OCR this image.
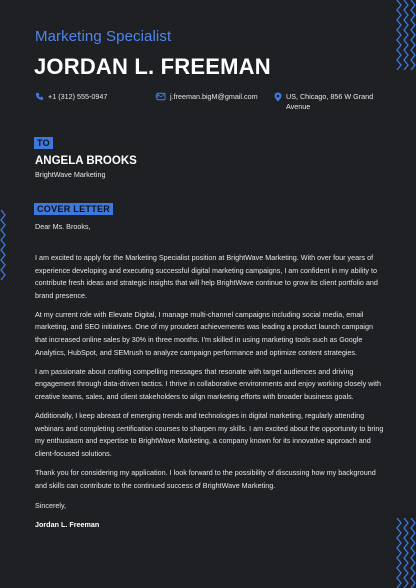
Marketing Specialist
JORDAN L. FREEMAN
+1 (312) 555-0947	j.freeman.bigM@gmail.com	US, Chicago, 856 W Grand Avenue
TO
ANGELA BROOKS
BrightWave Marketing
COVER LETTER
Dear Ms. Brooks,

I am excited to apply for the Marketing Specialist position at BrightWave Marketing. With over four years of experience developing and executing successful digital marketing campaigns, I am confident in my ability to contribute fresh ideas and strategic insights that will help BrightWave continue to grow its client portfolio and brand presence.

At my current role with Elevate Digital, I manage multi-channel campaigns including social media, email marketing, and SEO initiatives. One of my proudest achievements was leading a product launch campaign that increased online sales by 30% in three months. I'm skilled in using marketing tools such as Google Analytics, HubSpot, and SEMrush to analyze campaign performance and optimize content strategies.

I am passionate about crafting compelling messages that resonate with target audiences and driving engagement through data-driven tactics. I thrive in collaborative environments and enjoy working closely with creative teams, sales, and client stakeholders to align marketing efforts with broader business goals.

Additionally, I keep abreast of emerging trends and technologies in digital marketing, regularly attending webinars and completing certification courses to sharpen my skills. I am excited about the opportunity to bring my enthusiasm and expertise to BrightWave Marketing, a company known for its innovative approach and client-focused solutions.

Thank you for considering my application. I look forward to the possibility of discussing how my background and skills can contribute to the continued success of BrightWave Marketing.

Sincerely,
Jordan L. Freeman
